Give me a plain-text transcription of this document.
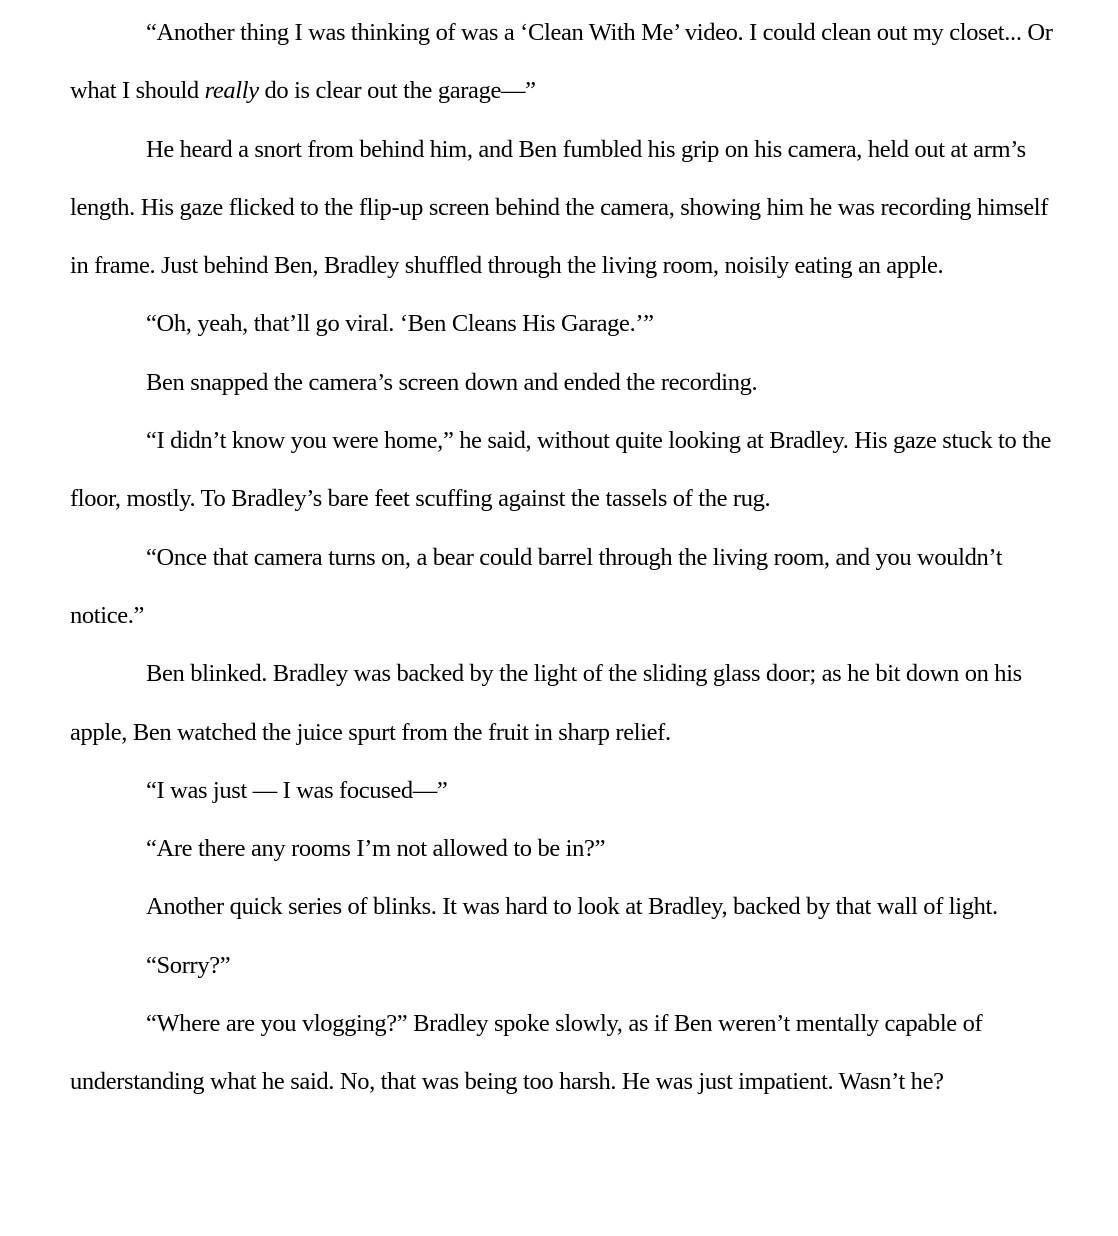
“Another thing I was thinking of was a ‘Clean With Me’ video. I could clean out my closet... Or what I should really do is clear out the garage—”

He heard a snort from behind him, and Ben fumbled his grip on his camera, held out at arm’s length. His gaze flicked to the flip-up screen behind the camera, showing him he was recording himself in frame. Just behind Ben, Bradley shuffled through the living room, noisily eating an apple.

“Oh, yeah, that’ll go viral. ‘Ben Cleans His Garage.’”

Ben snapped the camera’s screen down and ended the recording.

“I didn’t know you were home,” he said, without quite looking at Bradley. His gaze stuck to the floor, mostly. To Bradley’s bare feet scuffing against the tassels of the rug.

“Once that camera turns on, a bear could barrel through the living room, and you wouldn’t notice.”

Ben blinked. Bradley was backed by the light of the sliding glass door; as he bit down on his apple, Ben watched the juice spurt from the fruit in sharp relief.

“I was just — I was focused—”

“Are there any rooms I’m not allowed to be in?”

Another quick series of blinks. It was hard to look at Bradley, backed by that wall of light.

“Sorry?”

“Where are you vlogging?” Bradley spoke slowly, as if Ben weren’t mentally capable of understanding what he said. No, that was being too harsh. He was just impatient. Wasn’t he?
